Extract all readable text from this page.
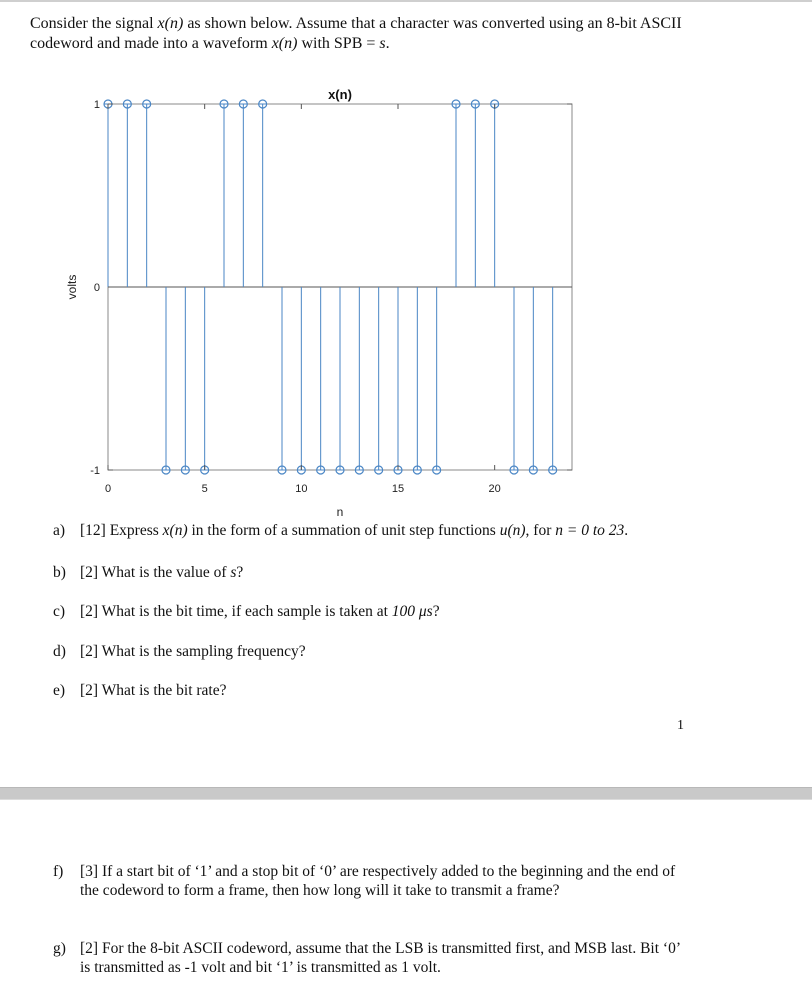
Consider the signal x(n) as shown below. Assume that a character was converted using an 8-bit ASCII
codeword and made into a waveform x(n) with SPB = s.
0	5	10	15	20
-1
0
1
x(n)
n
volts
a) [12] Express x(n) in the form of a summation of unit step functions u(n), for n = 0 to 23.
b) [2] What is the value of s?
c) [2] What is the bit time, if each sample is taken at 100 μs?
d) [2] What is the sampling frequency?
e) [2] What is the bit rate?
1
f) [3] If a start bit of ‘1’ and a stop bit of ‘0’ are respectively added to the beginning and the end of
the codeword to form a frame, then how long will it take to transmit a frame?
g) [2] For the 8-bit ASCII codeword, assume that the LSB is transmitted first, and MSB last. Bit ‘0’
is transmitted as -1 volt and bit ‘1’ is transmitted as 1 volt.
